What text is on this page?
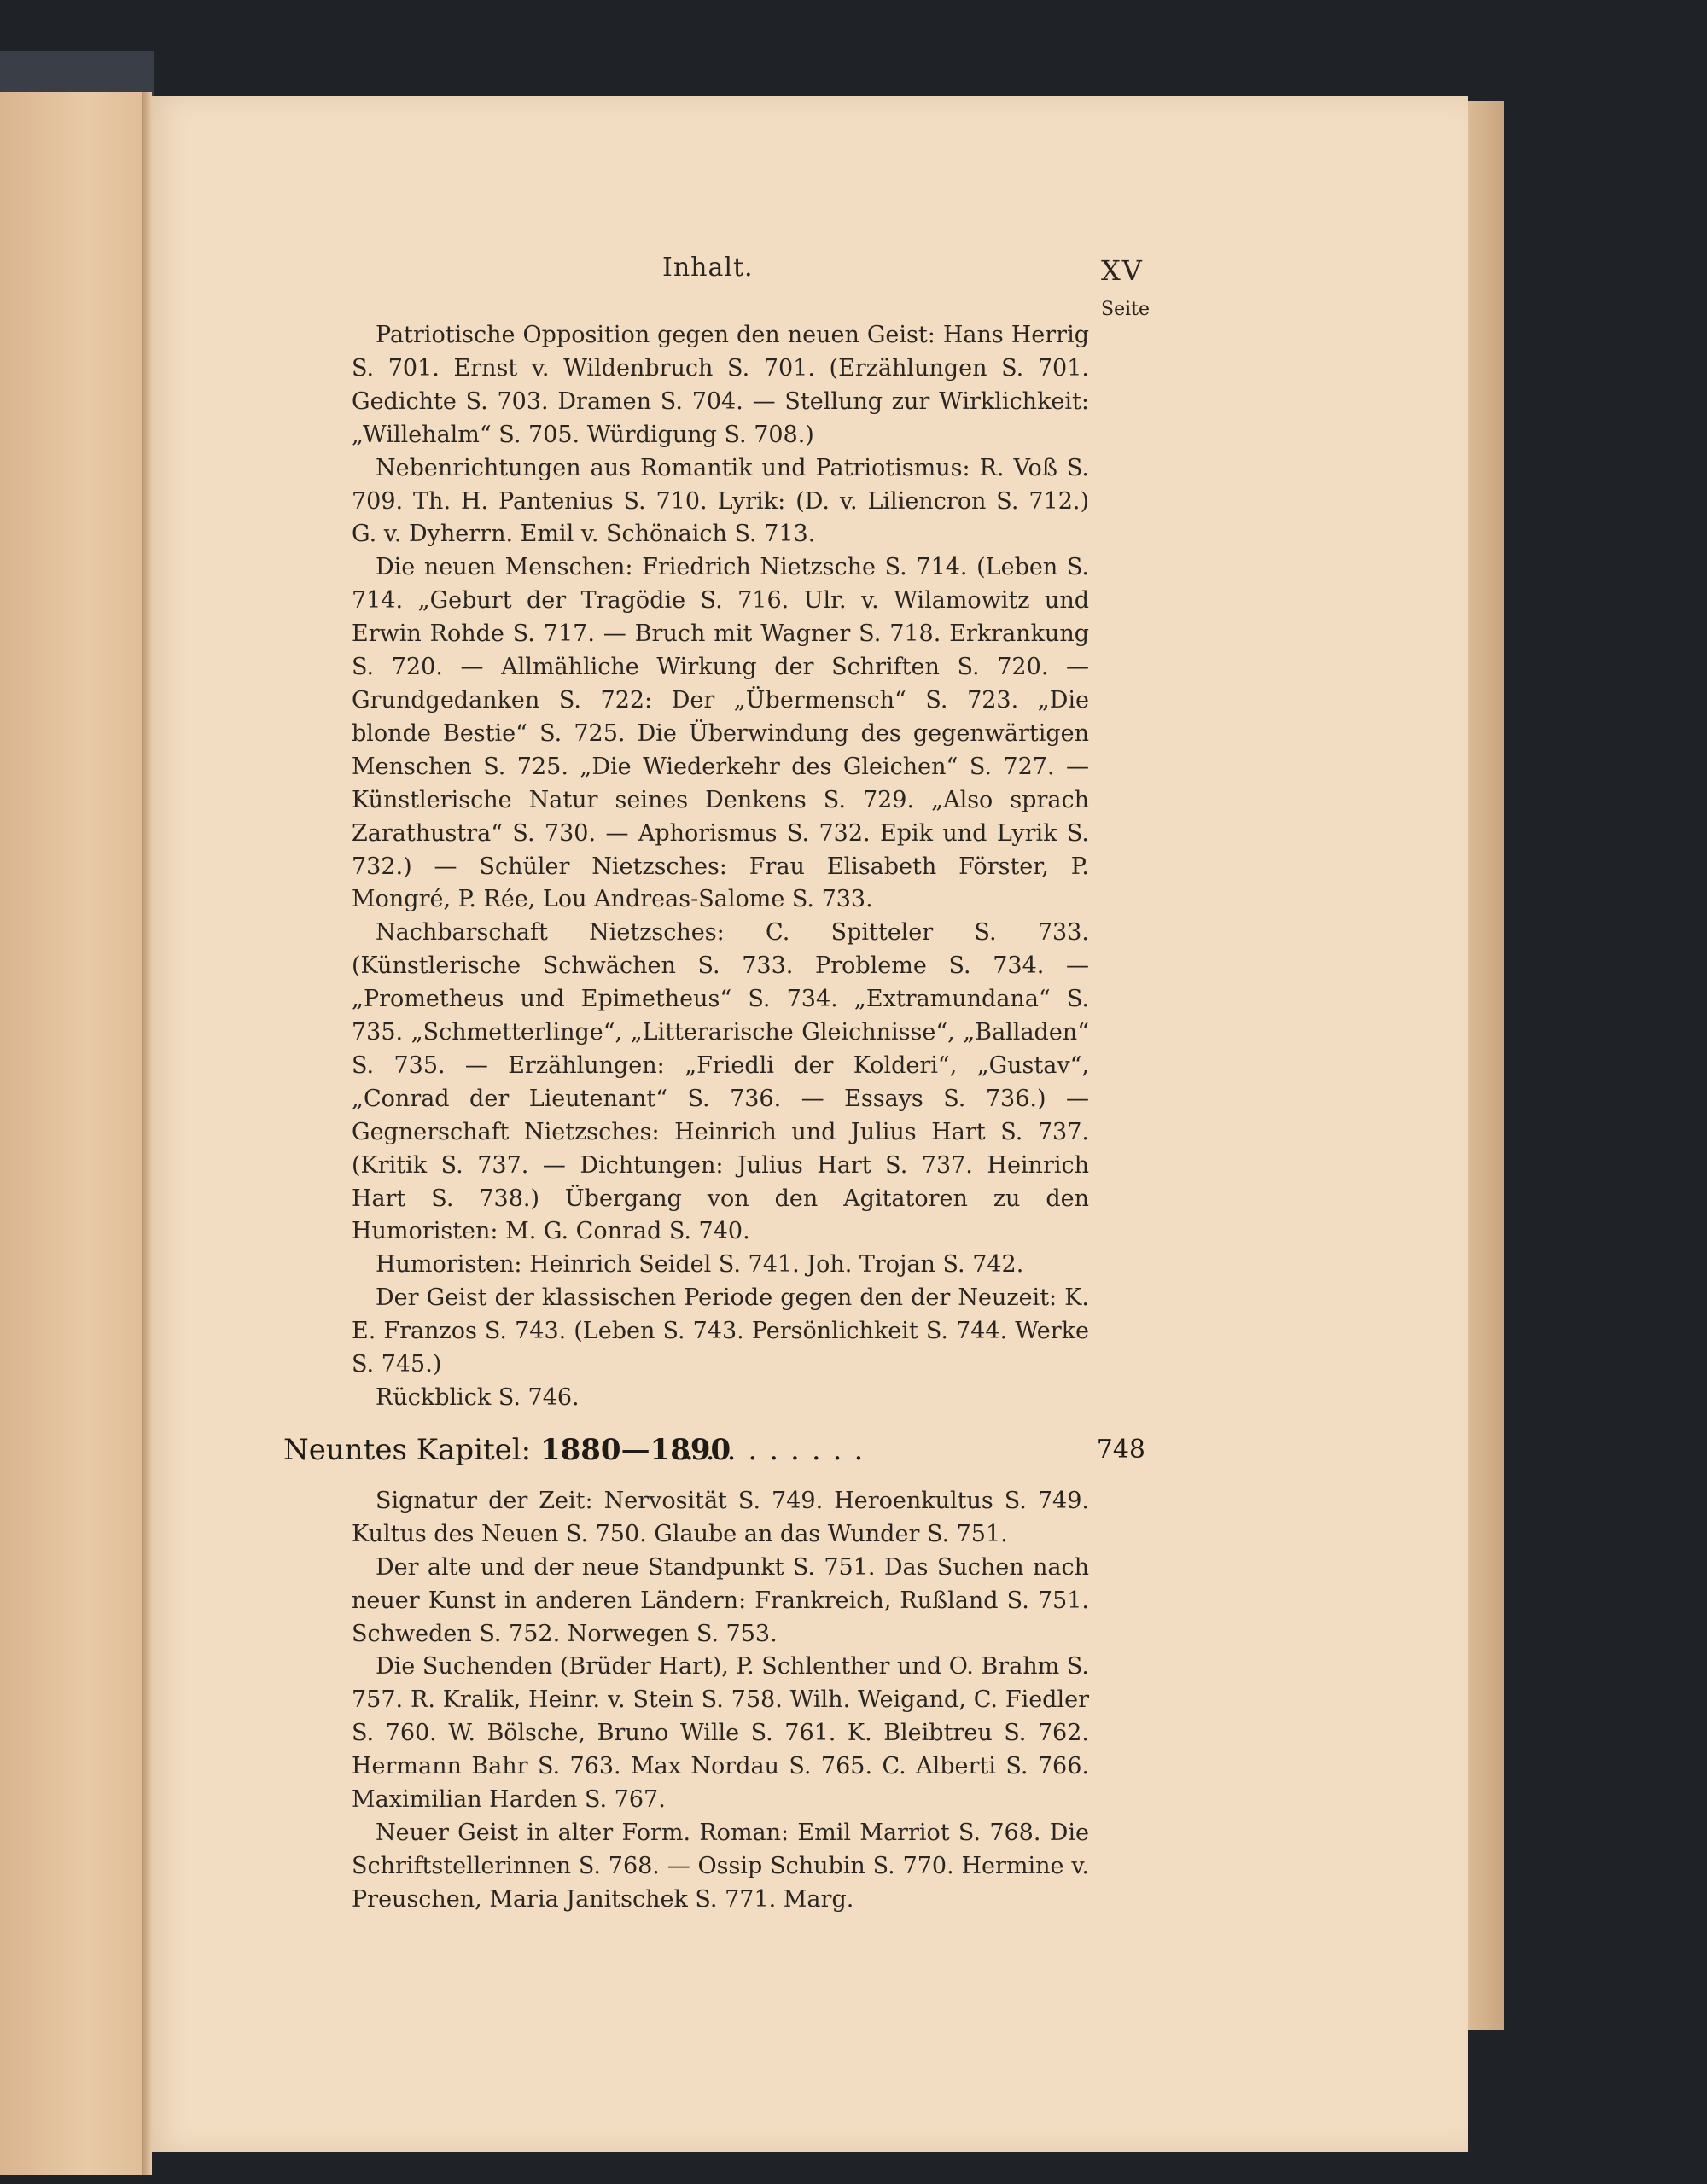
Inhalt.	XV
Seite

Patriotische Opposition gegen den neuen Geist: Hans Herrig S. 701. Ernst v. Wildenbruch S. 701. (Erzählungen S. 701. Gedichte S. 703. Dramen S. 704. — Stellung zur Wirklichkeit: „Willehalm“ S. 705. Würdigung S. 708.)

Nebenrichtungen aus Romantik und Patriotismus: R. Voß S. 709. Th. H. Pantenius S. 710. Lyrik: (D. v. Liliencron S. 712.) G. v. Dyherrn. Emil v. Schönaich S. 713.

Die neuen Menschen: Friedrich Nietzsche S. 714. (Leben S. 714. „Geburt der Tragödie S. 716. Ulr. v. Wilamowitz und Erwin Rohde S. 717. — Bruch mit Wagner S. 718. Erkrankung S. 720. — Allmähliche Wirkung der Schriften S. 720. — Grundgedanken S. 722: Der „Übermensch“ S. 723. „Die blonde Bestie“ S. 725. Die Überwindung des gegenwärtigen Menschen S. 725. „Die Wiederkehr des Gleichen“ S. 727. — Künstlerische Natur seines Denkens S. 729. „Also sprach Zarathustra“ S. 730. — Aphorismus S. 732. Epik und Lyrik S. 732.) — Schüler Nietzsches: Frau Elisabeth Förster, P. Mongré, P. Rée, Lou Andreas-Salome S. 733.

Nachbarschaft Nietzsches: C. Spitteler S. 733. (Künstlerische Schwächen S. 733. Probleme S. 734. — „Prometheus und Epimetheus“ S. 734. „Extramundana“ S. 735. „Schmetterlinge“, „Litterarische Gleichnisse“, „Balladen“ S. 735. — Erzählungen: „Friedli der Kolderi“, „Gustav“, „Conrad der Lieutenant“ S. 736. — Essays S. 736.) — Gegnerschaft Nietzsches: Heinrich und Julius Hart S. 737. (Kritik S. 737. — Dichtungen: Julius Hart S. 737. Heinrich Hart S. 738.) Übergang von den Agitatoren zu den Humoristen: M. G. Conrad S. 740.

Humoristen: Heinrich Seidel S. 741. Joh. Trojan S. 742.

Der Geist der klassischen Periode gegen den der Neuzeit: K. E. Franzos S. 743. (Leben S. 743. Persönlichkeit S. 744. Werke S. 745.)

Rückblick S. 746.

Neuntes Kapitel: 1880—1890
.........	748

Signatur der Zeit: Nervosität S. 749. Heroenkultus S. 749. Kultus des Neuen S. 750. Glaube an das Wunder S. 751.

Der alte und der neue Standpunkt S. 751. Das Suchen nach neuer Kunst in anderen Ländern: Frankreich, Rußland S. 751. Schweden S. 752. Norwegen S. 753.

Die Suchenden (Brüder Hart), P. Schlenther und O. Brahm S. 757. R. Kralik, Heinr. v. Stein S. 758. Wilh. Weigand, C. Fiedler S. 760. W. Bölsche, Bruno Wille S. 761. K. Bleibtreu S. 762. Hermann Bahr S. 763. Max Nordau S. 765. C. Alberti S. 766. Maximilian Harden S. 767.

Neuer Geist in alter Form. Roman: Emil Marriot S. 768. Die Schriftstellerinnen S. 768. — Ossip Schubin S. 770. Hermine v. Preuschen, Maria Janitschek S. 771. Marg.
